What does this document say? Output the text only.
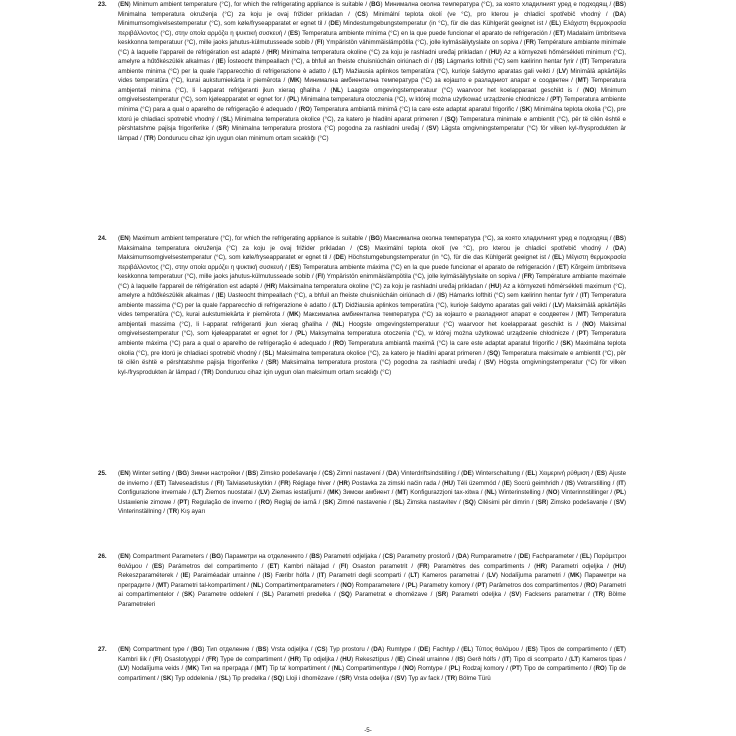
23. (EN) Minimum ambient temperature (°C), for which the refrigerating appliance is suitable / (BG) Минимална околна температура (°C), за която хладилният уред е подходящ / (BS) Minimalna temperatura okruženja (°C) za koju je ovaj frižider prikladan / (CS) Minimální teplota okolí (ve °C), pro kterou je chladicí spotřebič vhodný / (DA) Minimumsomgivelsestemperatur (°C), som køle/fryseapparatet er egnet til / (DE) Mindestumgebungstemperatur (in °C), für die das Kühlgerät geeignet ist / (EL) Ελάχιστη θερμοκρασία περιβάλλοντος (°C), στην οποία αρμόζει η ψυκτική συσκευή / (ES) Temperatura ambiente mínima (°C) en la que puede funcionar el aparato de refrigeración / (ET) Madalaim ümbritseva keskkonna temperatuur (°C), mille jaoks jahutus-külmutusseade sobib / (FI) Ympäristön vähimmäislämpötila (°C), jolle kylmäsäilytyslaite on sopiva / (FR) Température ambiante minimale (°C) à laquelle l'appareil de réfrigération est adapté / (HR) Minimalna temperatura okoline (°C) za koju je rashladni uređaj prikladan / (HU) Az a környezeti hőmérsékleti minimum (°C), amelyre a hűtőkészülék alkalmas / (IE) Íosteocht thimpeallach (°C), a bhfuil an fheiste chuisniúcháin oiriúnach di / (IS) Lágmarks lofthiti (°C) sem kælirinn hentar fyrir / (IT) Temperatura ambiente minima (°C) per la quale l'apparecchio di refrigerazione è adatto / (LT) Mažiausia aplinkos temperatūra (°C), kurioje šaldymo aparatas gali veikti / (LV) Minimālā apkārtējās vides temperatūra (°C), kurai aukstumiekārta ir piemērota / (MK) Минимална амбиентална температура (°C) за којашто е разладниот апарат е соодветен / (MT) Temperatura ambjentali minima (°C), li l-apparat refriġeranti jkun xieraq għaliha / (NL) Laagste omgevingstemperatuur (°C) waarvoor het koelapparaat geschikt is / (NO) Minimum omgivelsestemperatur (°C), som kjøleapparatet er egnet for / (PL) Minimalna temperatura otoczenia (°C), w której można użytkować urządzenie chłodnicze / (PT) Temperatura ambiente mínima (°C) para a qual o aparelho de refrigeração é adequado / (RO) Temperatura ambiantă minimă (°C) la care este adaptat aparatul frigorific / (SK) Minimálna teplota okolia (°C), pre ktorú je chladiaci spotrebič vhodný / (SL) Minimalna temperatura okolice (°C), za katero je hladilni aparat primeren / (SQ) Temperatura minimale e ambientit (°C), për të cilën është e përshtatshme pajisja frigoriferike / (SR) Minimalna temperatura prostora (°C) pogodna za rashladni uređaj / (SV) Lägsta omgivningstemperatur (°C) för vilken kyl-/frysprodukten är lämpad / (TR) Dondurucu cihaz için uygun olan minimum ortam sıcaklığı (°C)

24. (EN) Maximum ambient temperature (°C), for which the refrigerating appliance is suitable / (BG) Максимална околна температура (°C), за която хладилният уред е подходящ / (BS) Maksimalna temperatura okruženja (°C) za koju je ovaj frižider prikladan / (CS) Maximální teplota okolí (ve °C), pro kterou je chladicí spotřebič vhodný / (DA) Maksimumsomgivelsestemperatur (°C), som køle/fryseapparatet er egnet til / (DE) Höchstumgebungstemperatur (in °C), für die das Kühlgerät geeignet ist / (EL) Μέγιστη θερμοκρασία περιβάλλοντος (°C), στην οποία αρμόζει η ψυκτική συσκευή / (ES) Temperatura ambiente máxima (°C) en la que puede funcionar el aparato de refrigeración / (ET) Kõrgeim ümbritseva keskkonna temperatuur (°C), mille jaoks jahutus-külmutusseade sobib / (FI) Ympäristön enimmäislämpötila (°C), jolle kylmäsäilytyslaite on sopiva / (FR) Température ambiante maximale (°C) à laquelle l'appareil de réfrigération est adapté / (HR) Maksimalna temperatura okoline (°C) za koju je rashladni uređaj prikladan / (HU) Az a környezeti hőmérsékleti maximum (°C), amelyre a hűtőkészülék alkalmas / (IE) Uasteocht thimpeallach (°C), a bhfuil an fheiste chuisniúcháin oiriúnach di / (IS) Hámarks lofthiti (°C) sem kælirinn hentar fyrir / (IT) Temperatura ambiente massima (°C) per la quale l'apparecchio di refrigerazione è adatto / (LT) Didžiausia aplinkos temperatūra (°C), kurioje šaldymo aparatas gali veikti / (LV) Maksimālā apkārtējās vides temperatūra (°C), kurai aukstumiekārta ir piemērota / (MK) Максимална амбиентална температура (°C) за којашто е разладниот апарат е соодветен / (MT) Temperatura ambjentali massima (°C), li l-apparat refriġeranti jkun xieraq għaliha / (NL) Hoogste omgevingstemperatuur (°C) waarvoor het koelapparaat geschikt is / (NO) Maksimal omgivelsestemperatur (°C), som kjøleapparatet er egnet for / (PL) Maksymalna temperatura otoczenia (°C), w której można użytkować urządzenie chłodnicze / (PT) Temperatura ambiente máxima (°C) para a qual o aparelho de refrigeração é adequado / (RO) Temperatura ambiantă maximă (°C) la care este adaptat aparatul frigorific / (SK) Maximálna teplota okolia (°C), pre ktorú je chladiaci spotrebič vhodný / (SL) Maksimalna temperatura okolice (°C), za katero je hladilni aparat primeren / (SQ) Temperatura maksimale e ambientit (°C), për të cilën është e përshtatshme pajisja frigoriferike / (SR) Maksimalna temperatura prostora (°C) pogodna za rashladni uređaj / (SV) Högsta omgivningstemperatur (°C) för vilken kyl-/frysprodukten är lämpad / (TR) Dondurucu cihaz için uygun olan maksimum ortam sıcaklığı (°C)

25. (EN) Winter setting / (BG) Зимни настройки / (BS) Zimsko podešavanje / (CS) Zimní nastavení / (DA) Vinterdriftsindstilling / (DE) Winterschaltung / (EL) Χειμερινή ρύθμιση / (ES) Ajuste de invierno / (ET) Talveseadistus / (FI) Talviasetuskytkin / (FR) Réglage hiver / (HR) Postavka za zimski način rada / (HU) Téli üzemmód / (IE) Socrú geimhridh / (IS) Vetrarstilling / (IT) Configurazione invernale / (LT) Žiemos nuostatai / (LV) Ziemas iestatījumi / (MK) Зимски амбиент / (MT) Konfigurazzjoni tax-xitwa / (NL) Winterinstelling / (NO) Vinterinnstillinger / (PL) Ustawienie zimowe / (PT) Regulação de inverno / (RO) Reglaj de iarnă / (SK) Zimné nastavenie / (SL) Zimska nastavitev / (SQ) Cilësimi për dimrin / (SR) Zimsko podešavanje / (SV) Vinterinställning / (TR) Kış ayarı

26. (EN) Compartment Parameters / (BG) Параметри на отделението / (BS) Parametri odjeljaka / (CS) Parametry prostorů / (DA) Rumparametre / (DE) Fachparameter / (EL) Παράμετροι θαλάμου / (ES) Parámetros del compartimento / (ET) Kambri näitajad / (FI) Osaston parametrit / (FR) Paramètres des compartiments / (HR) Parametri odjeljka / (HU) Rekeszparaméterek / (IE) Paraiméadair urrainne / (IS) Færibr hólfa / (IT) Parametri degli scomparti / (LT) Kameros parametrai / (LV) Nodalījuma parametri / (MK) Параметри на преградите / (MT) Parametri tal-kompartiment / (NL) Compartimentparameters / (NO) Romparametere / (PL) Parametry komory / (PT) Parâmetros dos compartimentos / (RO) Parametri ai compartimentelor / (SK) Parametre oddelení / (SL) Parametri predelka / (SQ) Parametrat e dhomëzave / (SR) Parametri odeljka / (SV) Facksens parametrar / (TR) Bölme Parametreleri

27. (EN) Compartment type / (BG) Тип отделение / (BS) Vrsta odjeljka / (CS) Typ prostoru / (DA) Rumtype / (DE) Fachtyp / (EL) Τύπος θαλάμου / (ES) Tipos de compartimento / (ET) Kambri liik / (FI) Osastotyyppi / (FR) Type de compartiment / (HR) Tip odjeljka / (HU) Rekesztípus / (IE) Cineál urrainne / (IS) Gerð hólfs / (IT) Tipo di scomparto / (LT) Kameros tipas / (LV) Nodalījuma veids / (MK) Тип на преграда / (MT) Tip ta' kompartiment / (NL) Compartimenttype / (NO) Romtype / (PL) Rodzaj komory / (PT) Tipo de compartimento / (RO) Tip de compartiment / (SK) Typ oddelenia / (SL) Tip predelka / (SQ) Lloji i dhomëzave / (SR) Vrsta odeljka / (SV) Typ av fack / (TR) Bölme Türü

-5-
